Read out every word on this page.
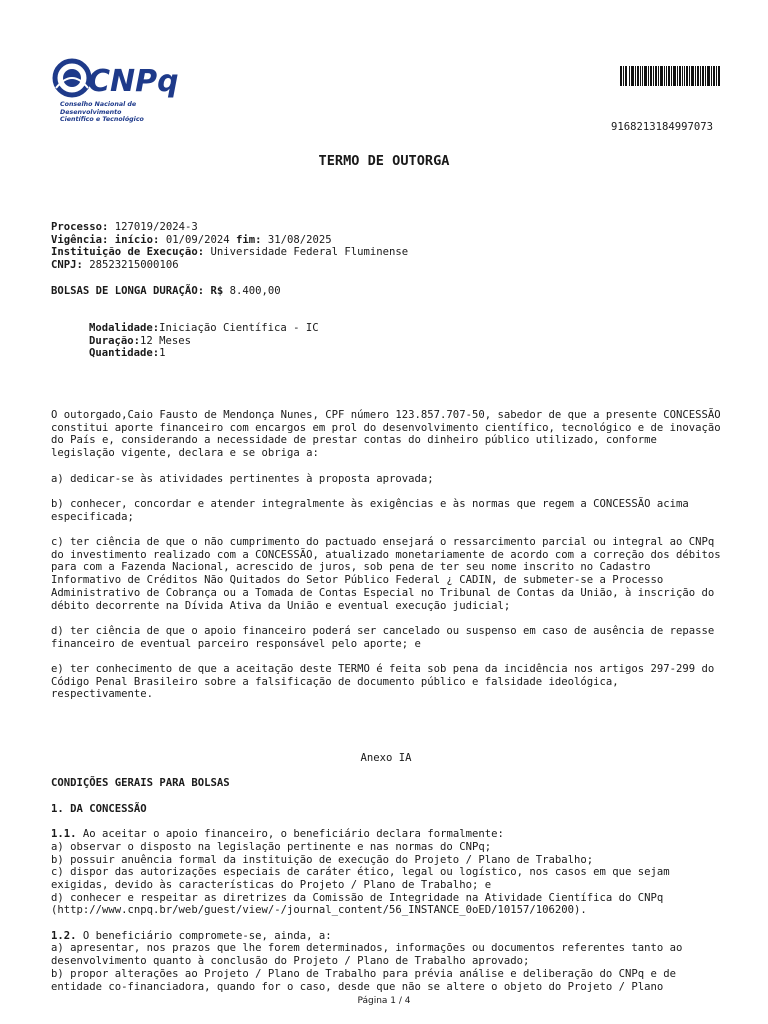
CNPq
Conselho Nacional de Desenvolvimento
Científico e Tecnológico
9168213184997073
TERMO DE OUTORGA
Processo: 127019/2024-3
Vigência: início: 01/09/2024 fim: 31/08/2025
Instituição de Execução: Universidade Federal Fluminense
CNPJ: 28523215000106
BOLSAS DE LONGA DURAÇÃO: R$ 8.400,00
Modalidade:Iniciação Científica - IC
Duração:12 Meses
Quantidade:1

O outorgado,Caio Fausto de Mendonça Nunes, CPF número 123.857.707-50, sabedor de que a presente CONCESSÃO constitui aporte financeiro com encargos em prol do desenvolvimento científico, tecnológico e de inovação do País e, considerando a necessidade de prestar contas do dinheiro público utilizado, conforme legislação vigente, declara e se obriga a:

a) dedicar-se às atividades pertinentes à proposta aprovada;

b) conhecer, concordar e atender integralmente às exigências e às normas que regem a CONCESSÃO acima especificada;

c) ter ciência de que o não cumprimento do pactuado ensejará o ressarcimento parcial ou integral ao CNPq do investimento realizado com a CONCESSÃO, atualizado monetariamente de acordo com a correção dos débitos para com a Fazenda Nacional, acrescido de juros, sob pena de ter seu nome inscrito no Cadastro Informativo de Créditos Não Quitados do Setor Público Federal ¿ CADIN, de submeter-se a Processo Administrativo de Cobrança ou a Tomada de Contas Especial no Tribunal de Contas da União, à inscrição do débito decorrente na Dívida Ativa da União e eventual execução judicial;

d) ter ciência de que o apoio financeiro poderá ser cancelado ou suspenso em caso de ausência de repasse financeiro de eventual parceiro responsável pelo aporte; e

e) ter conhecimento de que a aceitação deste TERMO é feita sob pena da incidência nos artigos 297-299 do Código Penal Brasileiro sobre a falsificação de documento público e falsidade ideológica, respectivamente.

Anexo IA

CONDIÇÕES GERAIS PARA BOLSAS

1. DA CONCESSÃO

1.1. Ao aceitar o apoio financeiro, o beneficiário declara formalmente:

a) observar o disposto na legislação pertinente e nas normas do CNPq;

b) possuir anuência formal da instituição de execução do Projeto / Plano de Trabalho;

c) dispor das autorizações especiais de caráter ético, legal ou logístico, nos casos em que sejam exigidas, devido às características do Projeto / Plano de Trabalho; e

d) conhecer e respeitar as diretrizes da Comissão de Integridade na Atividade Científica do CNPq (http://www.cnpq.br/web/guest/view/-/journal_content/56_INSTANCE_0oED/10157/106200).

1.2. O beneficiário compromete-se, ainda, a:

a) apresentar, nos prazos que lhe forem determinados, informações ou documentos referentes tanto ao desenvolvimento quanto à conclusão do Projeto / Plano de Trabalho aprovado;

b) propor alterações ao Projeto / Plano de Trabalho para prévia análise e deliberação do CNPq e de entidade co-financiadora, quando for o caso, desde que não se altere o objeto do Projeto / Plano

Página 1 / 4
